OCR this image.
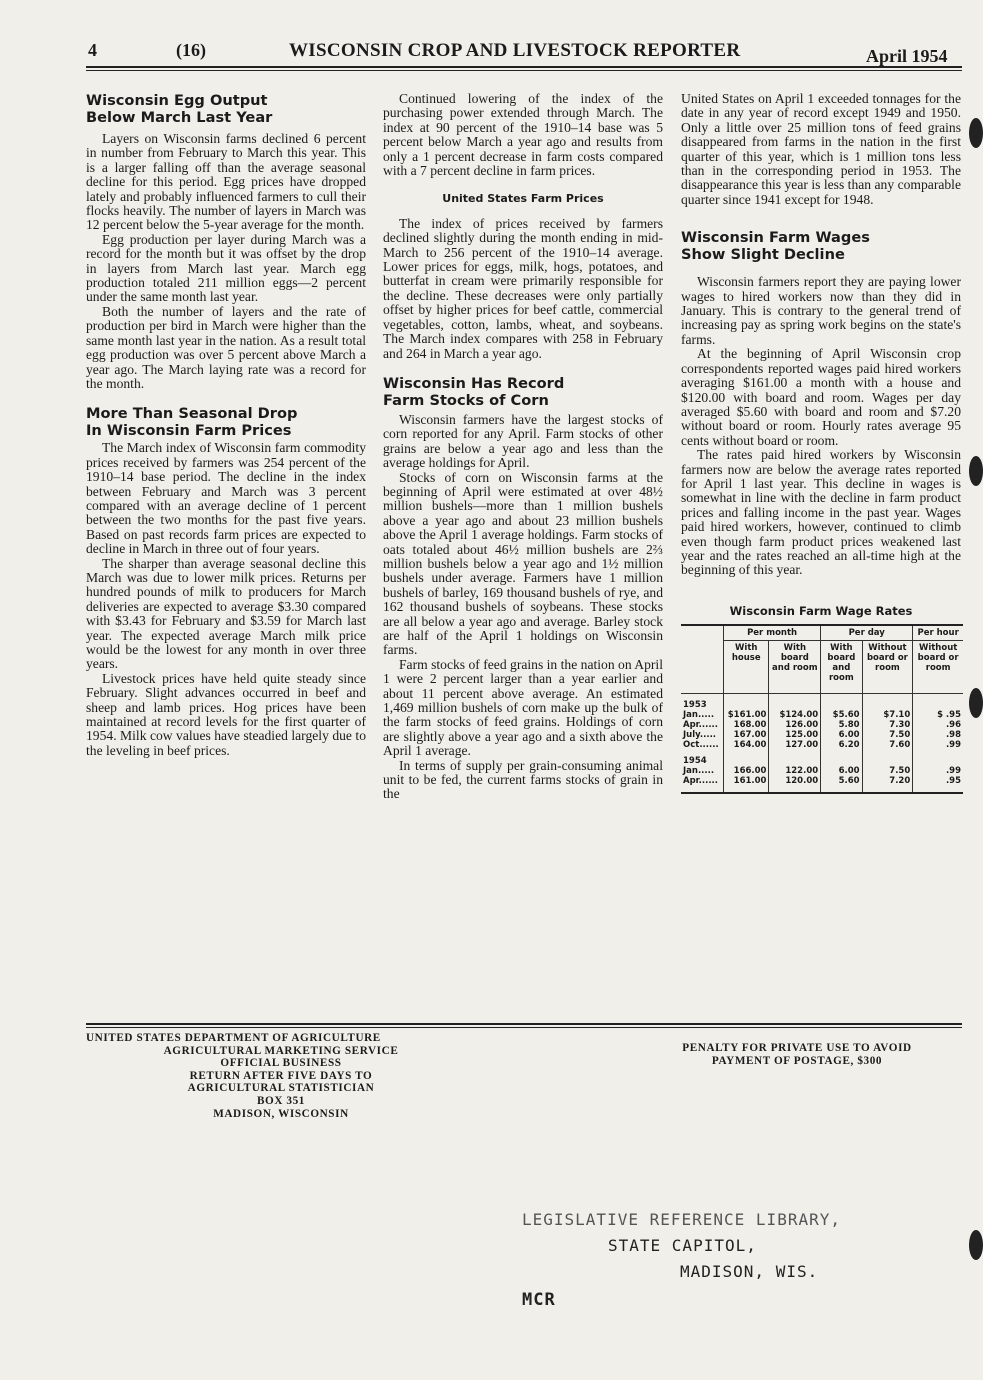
4	(16)	WISCONSIN CROP AND LIVESTOCK REPORTER	April 1954
Wisconsin Egg Output
Below March Last Year

Layers on Wisconsin farms declined 6 percent in number from February to March this year. This is a larger falling off than the average seasonal decline for this period. Egg prices have dropped lately and probably influenced farmers to cull their flocks heavily. The number of layers in March was 12 percent below the 5-year average for the month.

Egg production per layer during March was a record for the month but it was offset by the drop in layers from March last year. March egg production totaled 211 million eggs—2 percent under the same month last year.

Both the number of layers and the rate of production per bird in March were higher than the same month last year in the nation. As a result total egg production was over 5 percent above March a year ago. The March laying rate was a record for the month.

More Than Seasonal Drop
In Wisconsin Farm Prices

The March index of Wisconsin farm commodity prices received by farmers was 254 percent of the 1910–14 base period. The decline in the index between February and March was 3 percent compared with an average decline of 1 percent between the two months for the past five years. Based on past records farm prices are expected to decline in March in three out of four years.

The sharper than average seasonal decline this March was due to lower milk prices. Returns per hundred pounds of milk to producers for March deliveries are expected to average $3.30 compared with $3.43 for February and $3.59 for March last year. The expected average March milk price would be the lowest for any month in over three years.

Livestock prices have held quite steady since February. Slight advances occurred in beef and sheep and lamb prices. Hog prices have been maintained at record levels for the first quarter of 1954. Milk cow values have steadied largely due to the leveling in beef prices.

Continued lowering of the index of the purchasing power extended through March. The index at 90 percent of the 1910–14 base was 5 percent below March a year ago and results from only a 1 percent decrease in farm costs compared with a 7 percent decline in farm prices.

United States Farm Prices

The index of prices received by farmers declined slightly during the month ending in mid-March to 256 percent of the 1910–14 average. Lower prices for eggs, milk, hogs, potatoes, and butterfat in cream were primarily responsible for the decline. These decreases were only partially offset by higher prices for beef cattle, commercial vegetables, cotton, lambs, wheat, and soybeans. The March index compares with 258 in February and 264 in March a year ago.

Wisconsin Has Record
Farm Stocks of Corn

Wisconsin farmers have the largest stocks of corn reported for any April. Farm stocks of other grains are below a year ago and less than the average holdings for April.

Stocks of corn on Wisconsin farms at the beginning of April were estimated at over 48½ million bushels—more than 1 million bushels above a year ago and about 23 million bushels above the April 1 average holdings. Farm stocks of oats totaled about 46½ million bushels are 2⅔ million bushels below a year ago and 1½ million bushels under average. Farmers have 1 million bushels of barley, 169 thousand bushels of rye, and 162 thousand bushels of soybeans. These stocks are all below a year ago and average. Barley stock are half of the April 1 holdings on Wisconsin farms.

Farm stocks of feed grains in the nation on April 1 were 2 percent larger than a year earlier and about 11 percent above average. An estimated 1,469 million bushels of corn make up the bulk of the farm stocks of feed grains. Holdings of corn are slightly above a year ago and a sixth above the April 1 average.

In terms of supply per grain-consuming animal unit to be fed, the current farms stocks of grain in the

United States on April 1 exceeded tonnages for the date in any year of record except 1949 and 1950. Only a little over 25 million tons of feed grains disappeared from farms in the nation in the first quarter of this year, which is 1 million tons less than in the corresponding period in 1953. The disappearance this year is less than any comparable quarter since 1941 except for 1948.

Wisconsin Farm Wages
Show Slight Decline

Wisconsin farmers report they are paying lower wages to hired workers now than they did in January. This is contrary to the general trend of increasing pay as spring work begins on the state's farms.

At the beginning of April Wisconsin crop correspondents reported wages paid hired workers averaging $161.00 a month with a house and $120.00 with board and room. Wages per day averaged $5.60 with board and room and $7.20 without board or room. Hourly rates average 95 cents without board or room.

The rates paid hired workers by Wisconsin farmers now are below the average rates reported for April 1 last year. This decline in wages is somewhat in line with the decline in farm product prices and falling income in the past year. Wages paid hired workers, however, continued to climb even though farm product prices weakened last year and the rates reached an all-time high at the beginning of this year.

Wisconsin Farm Wage Rates
	Per month		Per day		Per hour
	With house	With board and room	With board and room	Without board or room	Without board or room
1953					
Jan.....	$161.00	$124.00	$5.60	$7.10	$ .95
Apr......	168.00	126.00	5.80	7.30	.96
July.....	167.00	125.00	6.00	7.50	.98
Oct......	164.00	127.00	6.20	7.60	.99
1954					
Jan.....	166.00	122.00	6.00	7.50	.99
Apr......	161.00	120.00	5.60	7.20	.95

UNITED STATES DEPARTMENT OF AGRICULTURE
AGRICULTURAL MARKETING SERVICE
OFFICIAL BUSINESS
RETURN AFTER FIVE DAYS TO
AGRICULTURAL STATISTICIAN
BOX 351
MADISON, WISCONSIN
PENALTY FOR PRIVATE USE TO AVOID
PAYMENT OF POSTAGE, $300
LEGISLATIVE REFERENCE LIBRARY,
STATE CAPITOL,
MADISON, WIS.
MCR
